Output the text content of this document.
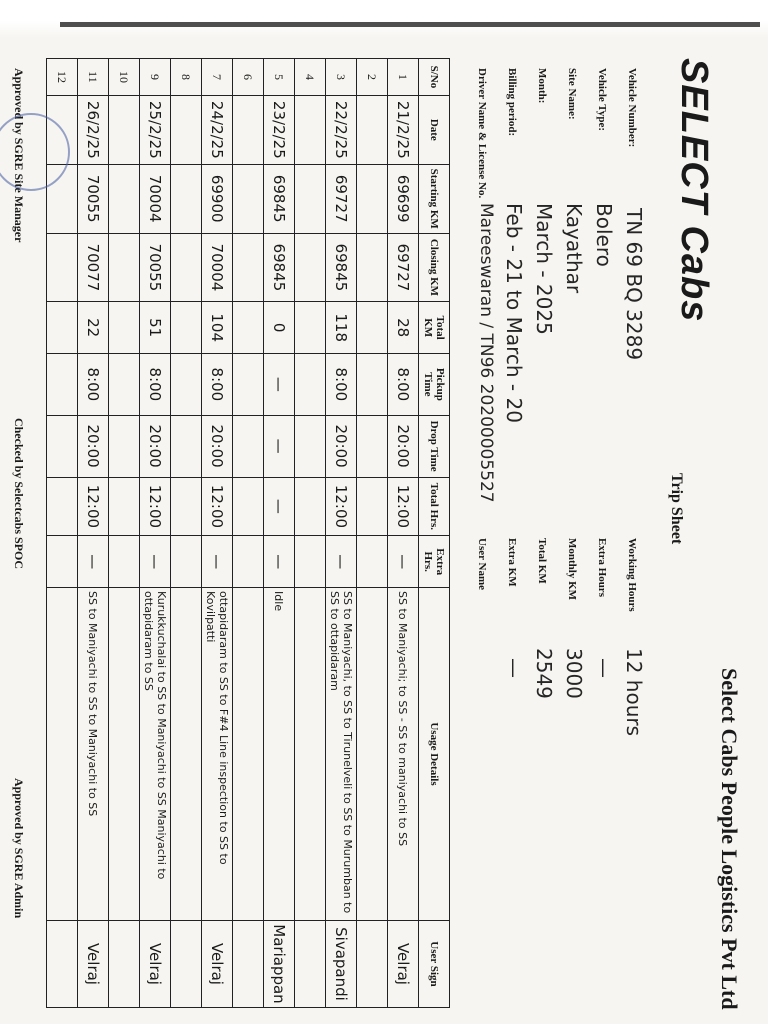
Select Cabs People Logistics Pvt Ltd
SELECT Cabs
Trip Sheet
Vehicle Number:
TN 69 BQ 3289
Vehicle Type:
Bolero
Site Name:
Kayathar
Month:
March - 2025
Billing period:
Feb - 21 to March - 20
Driver Name & License No.
Mareeswaran / TN96 20200005527
Working Hours
12 hours
Extra Hours
—
Monthly KM
3000
Total KM
2549
Extra KM
—
User Name
S/No	Date	Starting KM	Closing KM	Total KM	Pickup Time	Drop Time	Total Hrs.	Extra Hrs.	Usage Details	User Sign
1	21/2/25	69699	69727	28	8:00	20:00	12:00	—	SS to Maniyachi; to SS - SS to maniyachi to SS	Velraj
2										
3	22/2/25	69727	69845	118	8:00	20:00	12:00	—	SS to Maniyachi, to SS to Tirunelveli to SS to Murumban to SS to ottapidaram	Sivapandi
4										
5	23/2/25	69845	69845	0	—	—	—	—	Idle	Mariappan
6										
7	24/2/25	69900	70004	104	8:00	20:00	12:00	—	ottapidaram to SS to F#4 Line inspection to SS to Kovilpatti	Velraj
8										
9	25/2/25	70004	70055	51	8:00	20:00	12:00	—	Kurukkuchalai to SS to Maniyachi to SS Maniyachi to ottapidaram to SS	Velraj
10										
11	26/2/25	70055	70077	22	8:00	20:00	12:00	—	SS to Maniyachi to SS to Maniyachi to SS	Velraj
12										
Approved by SGRE Site Manager
Checked by Selectcabs SPOC
Approved by SGRE Admin
